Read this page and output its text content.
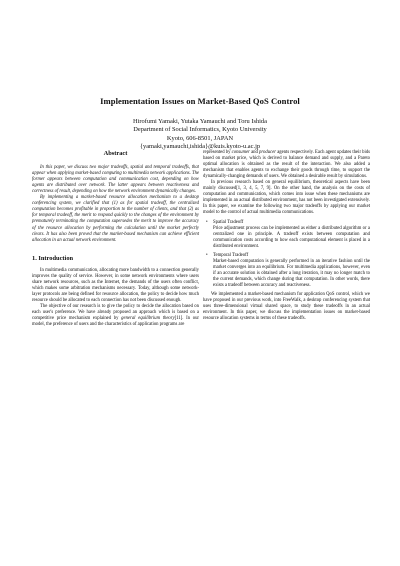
Implementation Issues on Market-Based QoS Control
Hirofumi Yamaki, Yutaka Yamauchi and Toru Ishida
Department of Social Informatics, Kyoto University
Kyoto, 606-8501, JAPAN
{yamaki,yamauchi,ishida}@kuis.kyoto-u.ac.jp
Abstract

In this paper, we discuss two major tradeoffs, spatial and temporal tradeoffs, that appear when applying market-based computing to multimedia network applications. The former appears between computation and communication cost, depending on how agents are distributed over network. The latter appears between reactiveness and correctness of result, depending on how the network environment dynamically changes.

By implementing a market-based resource allocation mechanism to a desktop conferencing system, we clarified that (1) as for spatial tradeoff, the centralized computation becomes profitable in proportion to the number of clients, and that (2) as for temporal tradeoff, the merit to respond quickly to the changes of the environment by prematurely terminating the computation supersedes the merit to improve the accuracy of the resource allocation by performing the calculation until the market perfectly clears. It has also been proved that the market-based mechanism can achieve efficient allocation in an actual network environment.

1. Introduction

In multimedia communication, allocating more bandwidth to a connection generally improves the quality of service. However, in some network environments where users share network resources, such as the Internet, the demands of the users often conflict, which makes some arbitration mechanisms necessary. Today, although some network-layer protocols are being defined for resource allocation, the policy to decide how much resource should be allocated to each connection has not been discussed enough.

The objective of our research is to give the policy to decide the allocation based on each user's preference. We have already proposed an approach which is based on a competitive price mechanism explained by general equilibrium theory[11]. In our model, the preference of users and the characteristics of application programs are

represented by consumer and producer agents respectively. Each agent updates their bids based on market price, which is derived to balance demand and supply, and a Pareto optimal allocation is obtained as the result of the interaction. We also added a mechanism that enables agents to exchange their goods through time, to support the dynamically-changing demands of users. We obtained a desirable result by simulations.

In previous research based on general equilibrium, theoretical aspects have been mainly discussed[1, 3, 4, 5, 7, 9]. On the other hand, the analysis on the costs of computation and communication, which comes into issue when these mechanisms are implemented in an actual distributed environment, has not been investigated extensively. In this paper, we examine the following two major tradeoffs by applying our market model to the control of actual multimedia communications.

• Spatial Tradeoff
Price adjustment process can be implemented as either a distributed algorithm or a centralized one in principle. A tradeoff exists between computation and communication costs according to how each computational element is placed in a distributed environment.
• Temporal Tradeoff
Market-based computation is generally performed in an iterative fashion until the market converges into an equilibrium. For multimedia applications, however, even if an accurate solution is obtained after a long iteration, it may no longer match to the current demands, which change during that computation. In other words, there exists a tradeoff between accuracy and reactiveness.

We implemented a market-based mechanism for application QoS control, which we have proposed in our previous work, into FreeWalk, a desktop conferencing system that uses three-dimensional virtual shared space, to study these tradeoffs in an actual environment. In this paper, we discuss the implementation issues on market-based resource allocation systems in terms of these tradeoffs.
